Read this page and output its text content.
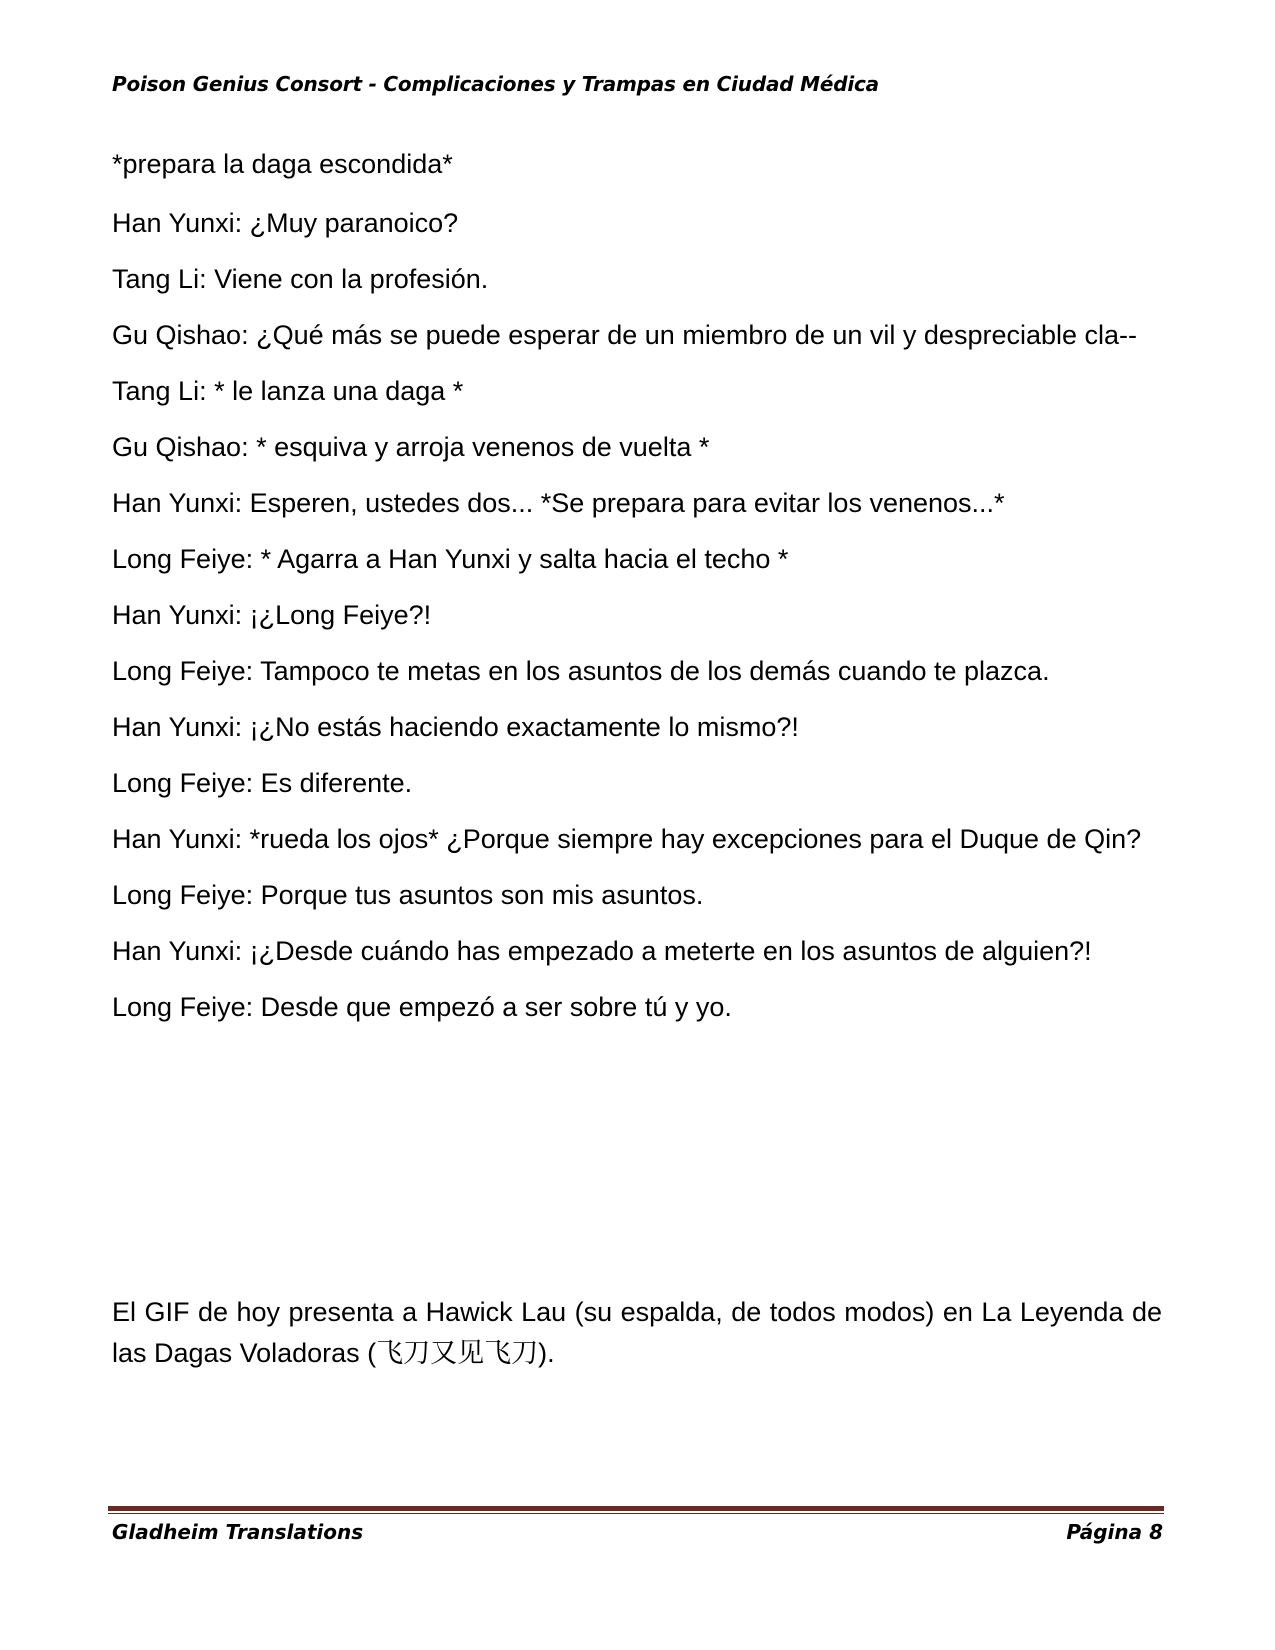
Poison Genius Consort - Complicaciones y Trampas en Ciudad Médica

*prepara la daga escondida*

Han Yunxi: ¿Muy paranoico?

Tang Li: Viene con la profesión.

Gu Qishao: ¿Qué más se puede esperar de un miembro de un vil y despreciable cla--

Tang Li: * le lanza una daga *

Gu Qishao: * esquiva y arroja venenos de vuelta *

Han Yunxi: Esperen, ustedes dos... *Se prepara para evitar los venenos...*

Long Feiye: * Agarra a Han Yunxi y salta hacia el techo *

Han Yunxi: ¡¿Long Feiye?!

Long Feiye: Tampoco te metas en los asuntos de los demás cuando te plazca.

Han Yunxi: ¡¿No estás haciendo exactamente lo mismo?!

Long Feiye: Es diferente.

Han Yunxi: *rueda los ojos* ¿Porque siempre hay excepciones para el Duque de Qin?

Long Feiye: Porque tus asuntos son mis asuntos.

Han Yunxi: ¡¿Desde cuándo has empezado a meterte en los asuntos de alguien?!

Long Feiye: Desde que empezó a ser sobre tú y yo.

El GIF de hoy presenta a Hawick Lau (su espalda, de todos modos) en La Leyenda de las Dagas Voladoras (飞刀又见飞刀).

Gladheim Translations	Página 8
